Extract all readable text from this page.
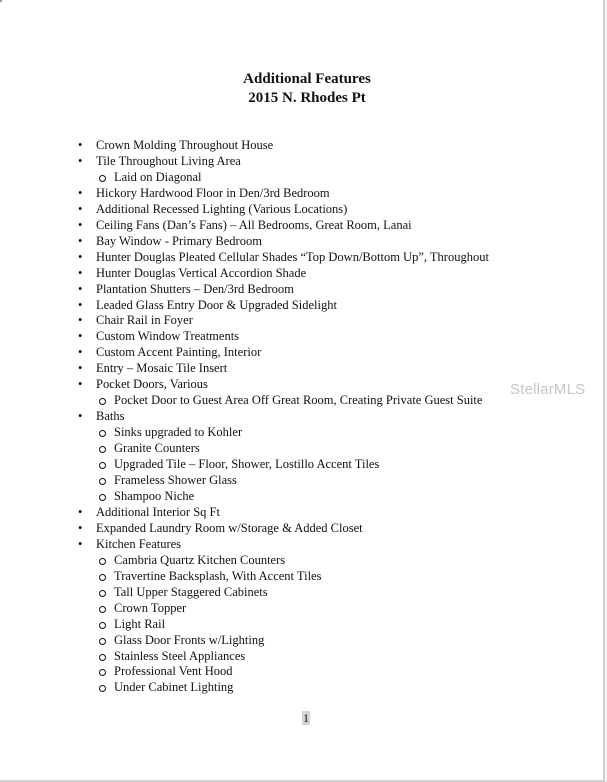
Additional Features
2015 N. Rhodes Pt
• Crown Molding Throughout House
• Tile Throughout Living Area
Laid on Diagonal
• Hickory Hardwood Floor in Den/3rd Bedroom
• Additional Recessed Lighting (Various Locations)
• Ceiling Fans (Dan’s Fans) – All Bedrooms, Great Room, Lanai
• Bay Window - Primary Bedroom
• Hunter Douglas Pleated Cellular Shades “Top Down/Bottom Up”, Throughout
• Hunter Douglas Vertical Accordion Shade
• Plantation Shutters – Den/3rd Bedroom
• Leaded Glass Entry Door & Upgraded Sidelight
• Chair Rail in Foyer
• Custom Window Treatments
• Custom Accent Painting, Interior
• Entry – Mosaic Tile Insert
• Pocket Doors, Various
Pocket Door to Guest Area Off Great Room, Creating Private Guest Suite
• Baths
Sinks upgraded to Kohler
Granite Counters
Upgraded Tile – Floor, Shower, Lostillo Accent Tiles
Frameless Shower Glass
Shampoo Niche
• Additional Interior Sq Ft
• Expanded Laundry Room w/Storage & Added Closet
• Kitchen Features
Cambria Quartz Kitchen Counters
Travertine Backsplash, With Accent Tiles
Tall Upper Staggered Cabinets
Crown Topper
Light Rail
Glass Door Fronts w/Lighting
Stainless Steel Appliances
Professional Vent Hood
Under Cabinet Lighting
StellarMLS
1
